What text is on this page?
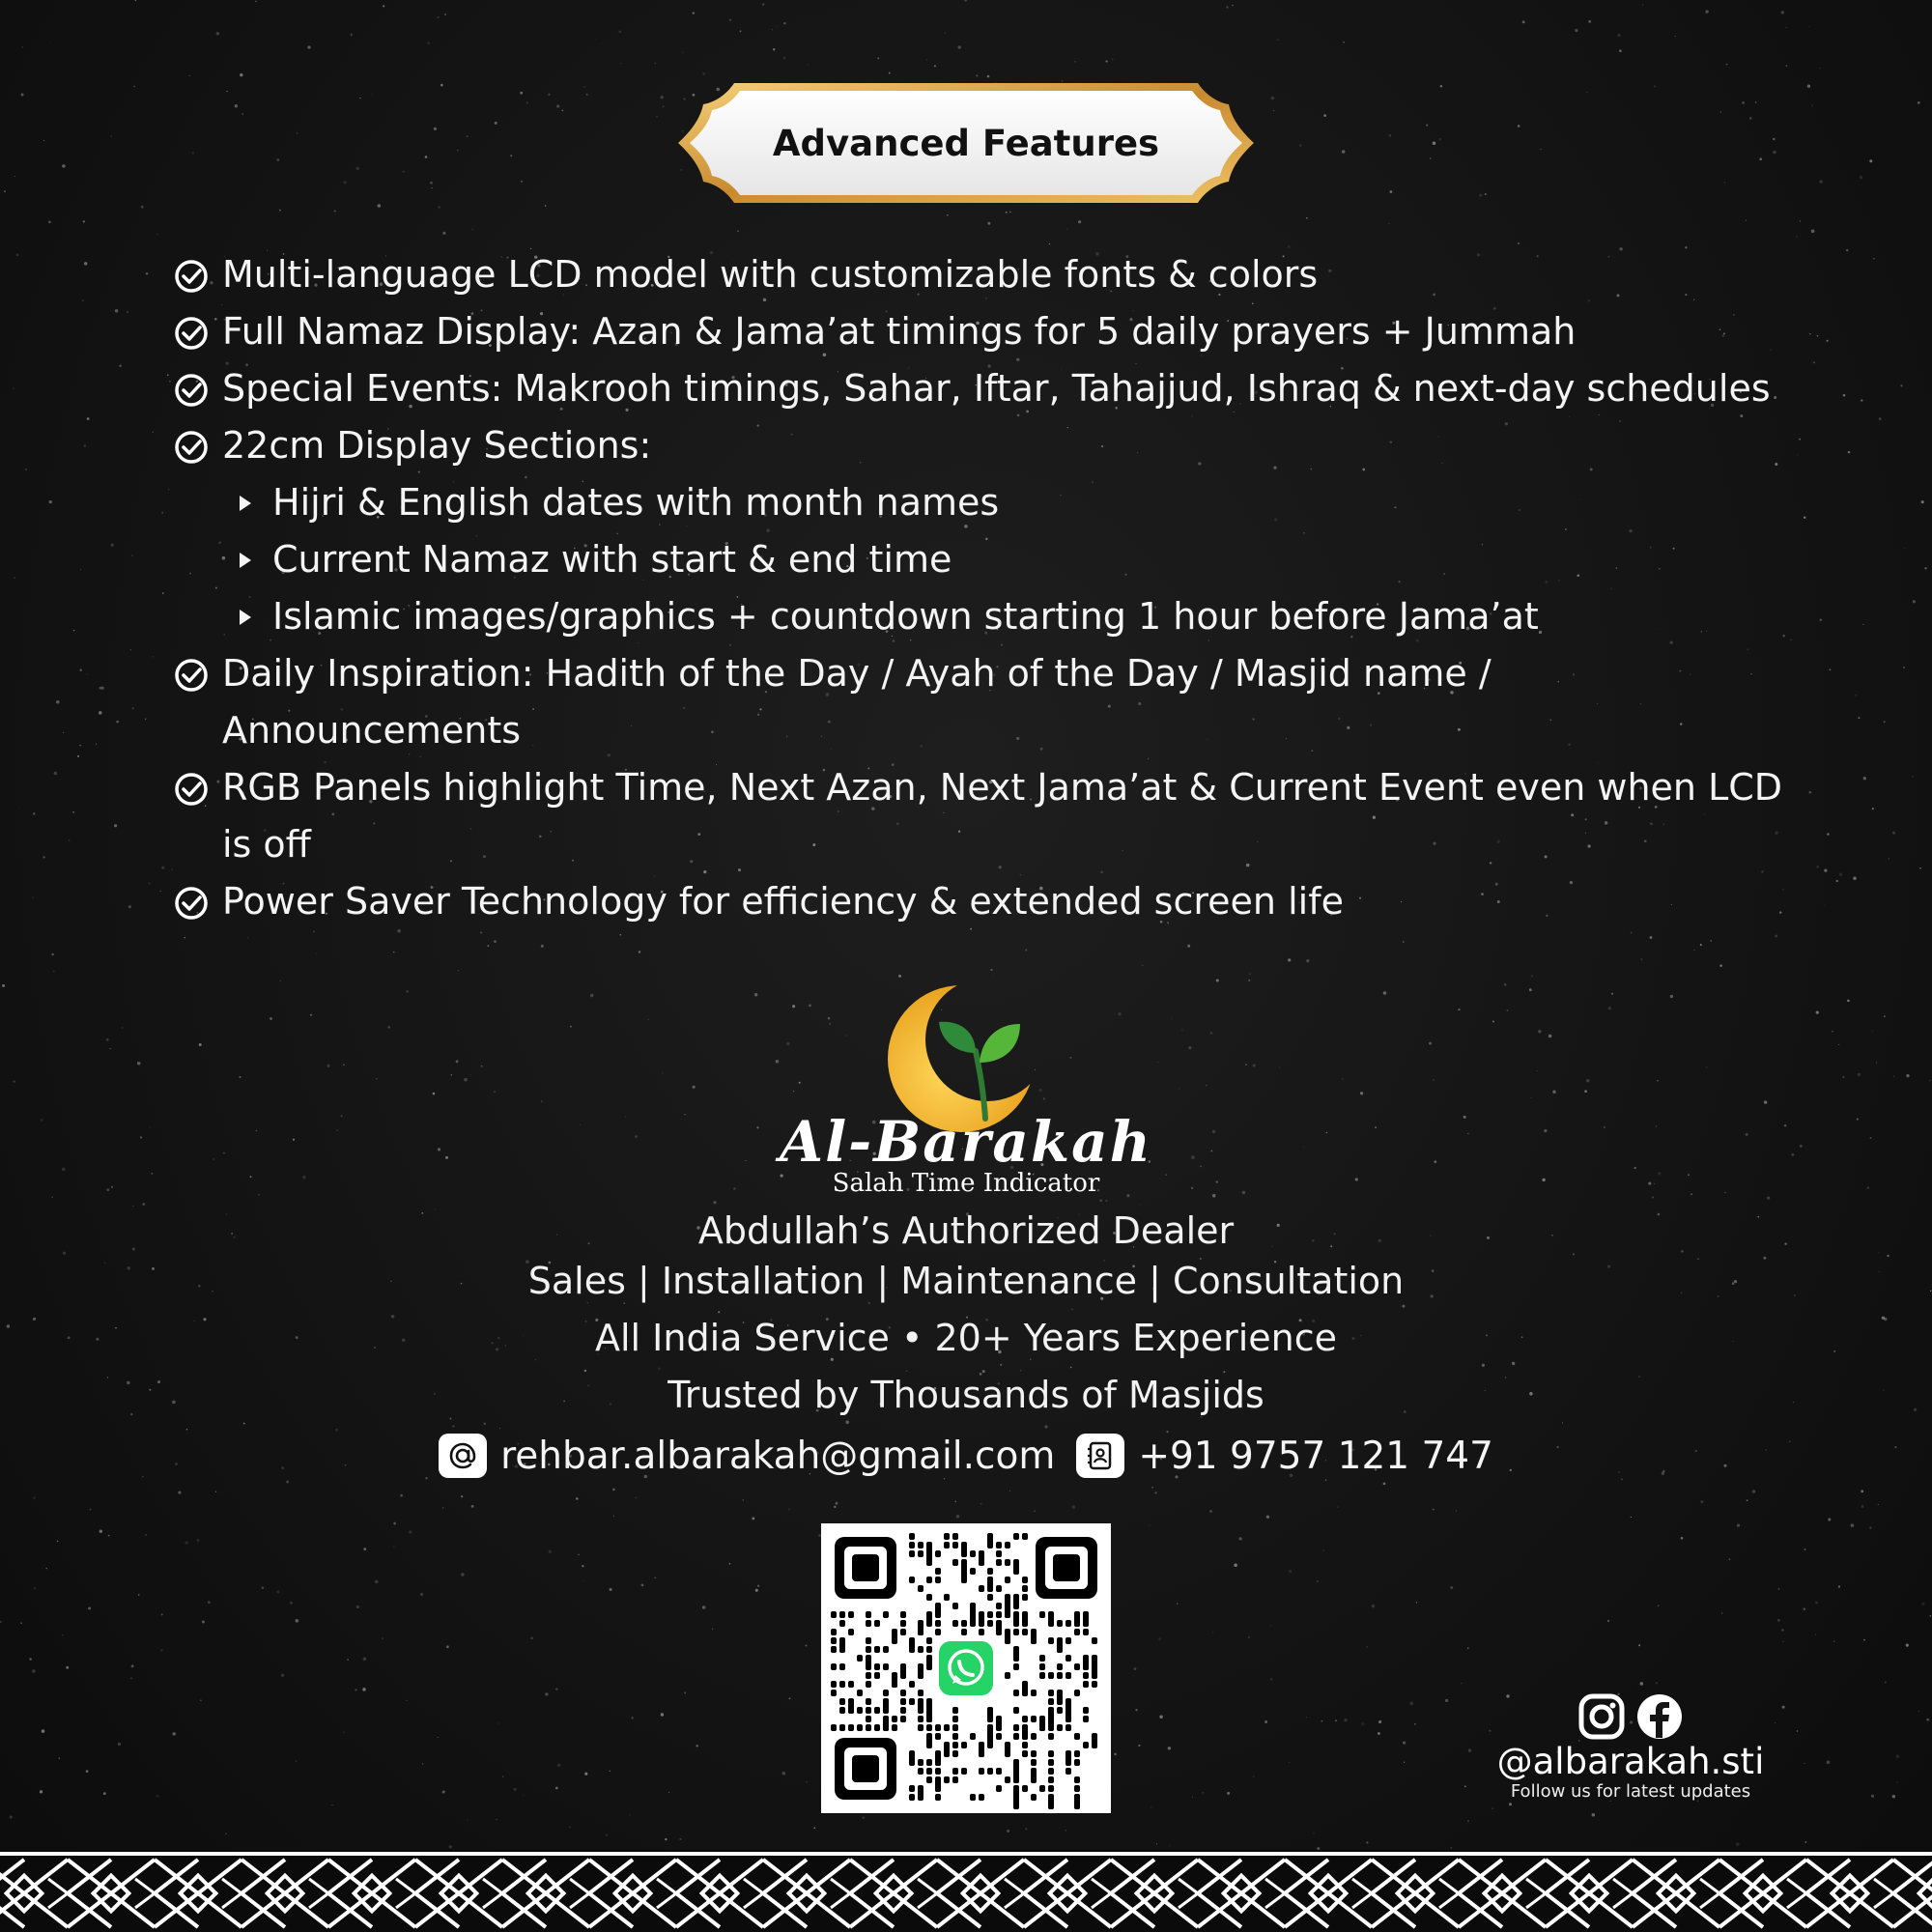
Advanced Features
Multi-language LCD model with customizable fonts & colors
Full Namaz Display: Azan & Jama’at timings for 5 daily prayers + Jummah
Special Events: Makrooh timings, Sahar, Iftar, Tahajjud, Ishraq & next-day schedules
22cm Display Sections:
Hijri & English dates with month names
Current Namaz with start & end time
Islamic images/graphics + countdown starting 1 hour before Jama’at
Daily Inspiration: Hadith of the Day / Ayah of the Day / Masjid name / Announcements
RGB Panels highlight Time, Next Azan, Next Jama’at & Current Event even when LCD is off
Power Saver Technology for efficiency & extended screen life
Al-Barakah
Salah Time Indicator
Abdullah’s Authorized Dealer
Sales | Installation | Maintenance | Consultation
All India Service • 20+ Years Experience
Trusted by Thousands of Masjids
rehbar.albarakah@gmail.com +91 9757 121 747
@albarakah.sti
Follow us for latest updates
